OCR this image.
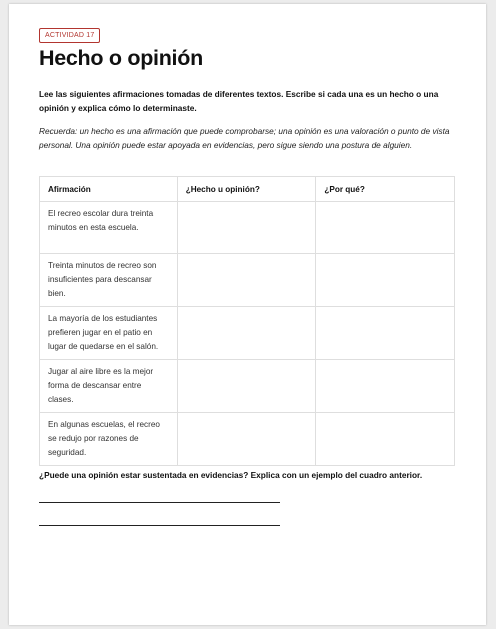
ACTIVIDAD 17
Hecho o opinión

Lee las siguientes afirmaciones tomadas de diferentes textos. Escribe si cada una es un hecho o una opinión y explica cómo lo determinaste.

Recuerda: un hecho es una afirmación que puede comprobarse; una opinión es una valoración o punto de vista personal. Una opinión puede estar apoyada en evidencias, pero sigue siendo una postura de alguien.

Afirmación	¿Hecho u opinión?	¿Por qué?
El recreo escolar dura treinta minutos en esta escuela.		
Treinta minutos de recreo son insuficientes para descansar bien.		
La mayoría de los estudiantes prefieren jugar en el patio en lugar de quedarse en el salón.		
Jugar al aire libre es la mejor forma de descansar entre clases.		
En algunas escuelas, el recreo se redujo por razones de seguridad.		

¿Puede una opinión estar sustentada en evidencias? Explica con un ejemplo del cuadro anterior.
